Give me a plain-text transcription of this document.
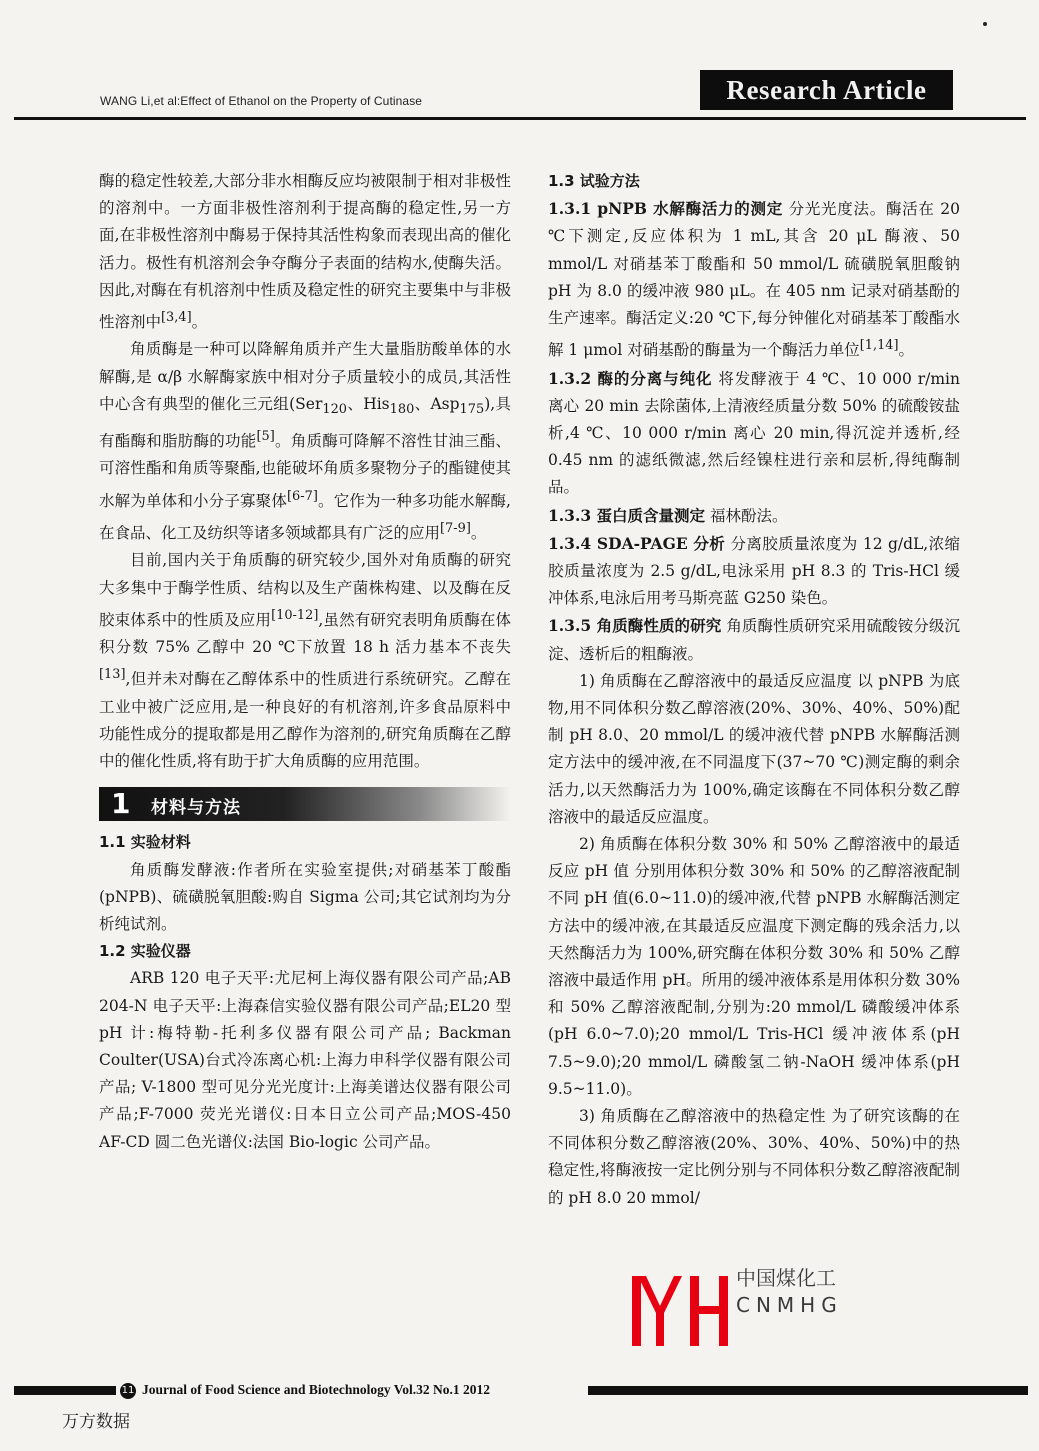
WANG Li,et al:Effect of Ethanol on the Property of Cutinase	Research Article

酶的稳定性较差,大部分非水相酶反应均被限制于相对非极性的溶剂中。一方面非极性溶剂利于提高酶的稳定性,另一方面,在非极性溶剂中酶易于保持其活性构象而表现出高的催化活力。极性有机溶剂会争夺酶分子表面的结构水,使酶失活。因此,对酶在有机溶剂中性质及稳定性的研究主要集中与非极性溶剂中[3,4]。

角质酶是一种可以降解角质并产生大量脂肪酸单体的水解酶,是 α/β 水解酶家族中相对分子质量较小的成员,其活性中心含有典型的催化三元组(Ser$_{120}$、His$_{180}$、Asp$_{175}$),具有酯酶和脂肪酶的功能[5]。角质酶可降解不溶性甘油三酯、可溶性酯和角质等聚酯,也能破坏角质多聚物分子的酯键使其水解为单体和小分子寡聚体[6-7]。它作为一种多功能水解酶,在食品、化工及纺织等诸多领域都具有广泛的应用[7-9]。

目前,国内关于角质酶的研究较少,国外对角质酶的研究大多集中于酶学性质、结构以及生产菌株构建、以及酶在反胶束体系中的性质及应用[10-12],虽然有研究表明角质酶在体积分数 75% 乙醇中 20 ℃下放置 18 h 活力基本不丧失[13],但并未对酶在乙醇体系中的性质进行系统研究。乙醇在工业中被广泛应用,是一种良好的有机溶剂,许多食品原料中功能性成分的提取都是用乙醇作为溶剂的,研究角质酶在乙醇中的催化性质,将有助于扩大角质酶的应用范围。

1 材料与方法

1.1 实验材料

角质酶发酵液:作者所在实验室提供;对硝基苯丁酸酯(pNPB)、硫磺脱氧胆酸:购自 Sigma 公司;其它试剂均为分析纯试剂。

1.2 实验仪器

ARB 120 电子天平:尤尼柯上海仪器有限公司产品;AB 204-N 电子天平:上海森信实验仪器有限公司产品;EL20 型 pH 计:梅特勒-托利多仪器有限公司产品; Backman Coulter(USA)台式冷冻离心机:上海力申科学仪器有限公司产品; V-1800 型可见分光光度计:上海美谱达仪器有限公司产品;F-7000 荧光光谱仪:日本日立公司产品;MOS-450 AF-CD 圆二色光谱仪:法国 Bio-logic 公司产品。

1.3 试验方法

1.3.1 pNPB 水解酶活力的测定 分光光度法。酶活在 20 ℃下测定,反应体积为 1 mL,其含 20 μL 酶液、50 mmol/L 对硝基苯丁酸酯和 50 mmol/L 硫磺脱氧胆酸钠 pH 为 8.0 的缓冲液 980 μL。在 405 nm 记录对硝基酚的生产速率。酶活定义:20 ℃下,每分钟催化对硝基苯丁酸酯水解 1 μmol 对硝基酚的酶量为一个酶活力单位[1,14]。

1.3.2 酶的分离与纯化 将发酵液于 4 ℃、10 000 r/min 离心 20 min 去除菌体,上清液经质量分数 50% 的硫酸铵盐析,4 ℃、10 000 r/min 离心 20 min,得沉淀并透析,经 0.45 nm 的滤纸微滤,然后经镍柱进行亲和层析,得纯酶制品。

1.3.3 蛋白质含量测定 福林酚法。

1.3.4 SDA-PAGE 分析 分离胶质量浓度为 12 g/dL,浓缩胶质量浓度为 2.5 g/dL,电泳采用 pH 8.3 的 Tris-HCl 缓冲体系,电泳后用考马斯亮蓝 G250 染色。

1.3.5 角质酶性质的研究 角质酶性质研究采用硫酸铵分级沉淀、透析后的粗酶液。

1) 角质酶在乙醇溶液中的最适反应温度 以 pNPB 为底物,用不同体积分数乙醇溶液(20%、30%、40%、50%)配制 pH 8.0、20 mmol/L 的缓冲液代替 pNPB 水解酶活测定方法中的缓冲液,在不同温度下(37~70 ℃)测定酶的剩余活力,以天然酶活力为 100%,确定该酶在不同体积分数乙醇溶液中的最适反应温度。

2) 角质酶在体积分数 30% 和 50% 乙醇溶液中的最适反应 pH 值 分别用体积分数 30% 和 50% 的乙醇溶液配制不同 pH 值(6.0~11.0)的缓冲液,代替 pNPB 水解酶活测定方法中的缓冲液,在其最适反应温度下测定酶的残余活力,以天然酶活力为 100%,研究酶在体积分数 30% 和 50% 乙醇溶液中最适作用 pH。所用的缓冲液体系是用体积分数 30% 和 50% 乙醇溶液配制,分别为:20 mmol/L 磷酸缓冲体系(pH 6.0~7.0);20 mmol/L Tris-HCl 缓冲液体系(pH 7.5~9.0);20 mmol/L 磷酸氢二钠-NaOH 缓冲体系(pH 9.5~11.0)。

3) 角质酶在乙醇溶液中的热稳定性 为了研究该酶的在不同体积分数乙醇溶液(20%、30%、40%、50%)中的热稳定性,将酶液按一定比例分别与不同体积分数乙醇溶液配制的 pH 8.0 20 mmol/

中国煤化工
CNMHG
11 Journal of Food Science and Biotechnology Vol.32 No.1 2012
万方数据
